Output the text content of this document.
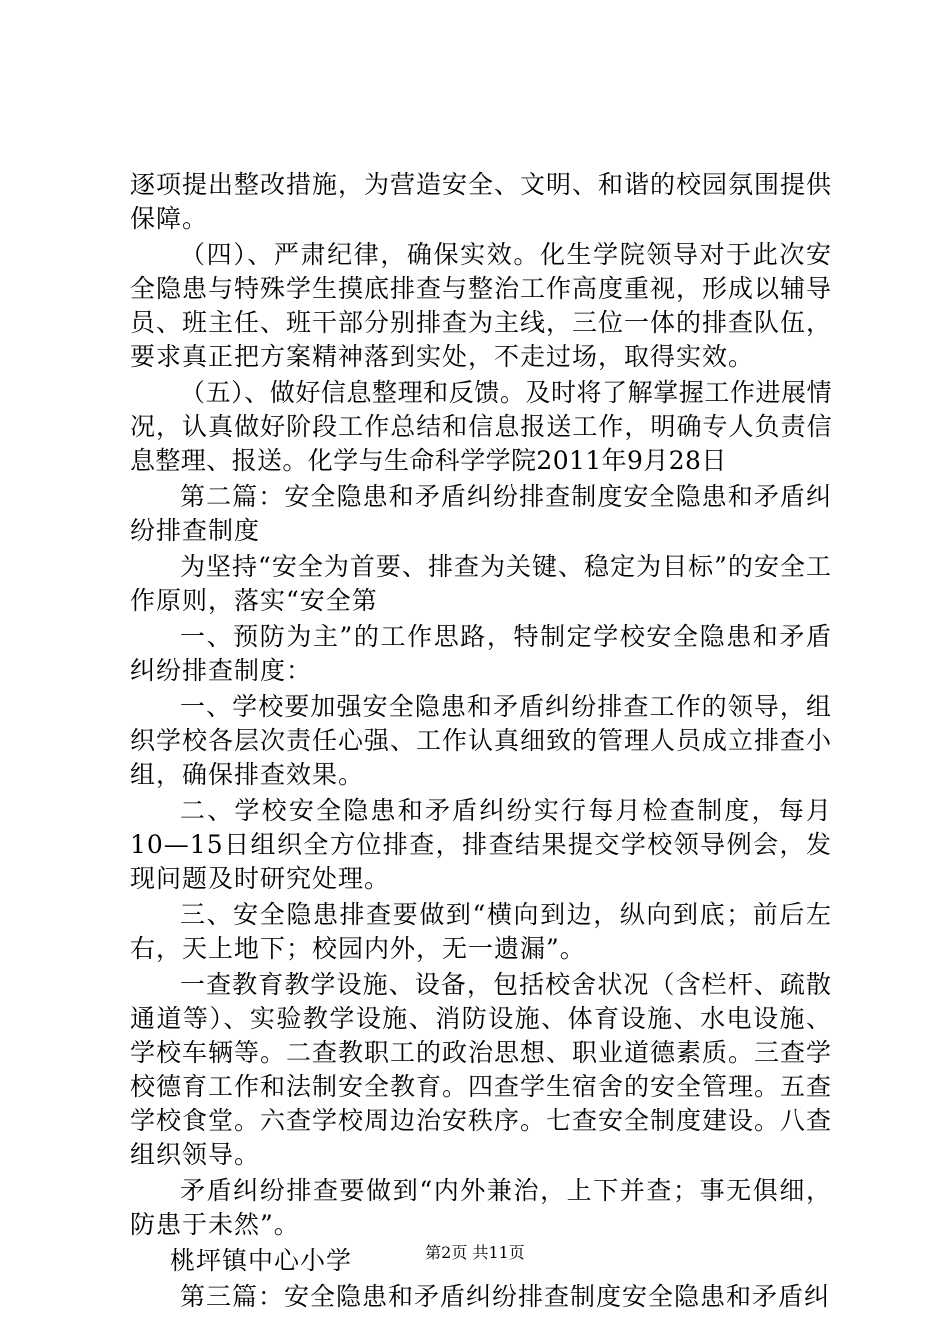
逐项提出整改措施，为营造安全、文明、和谐的校园氛围提供保障。

（四）、严肃纪律，确保实效。化生学院领导对于此次安全隐患与特殊学生摸底排查与整治工作高度重视，形成以辅导员、班主任、班干部分别排查为主线，三位一体的排查队伍，要求真正把方案精神落到实处，不走过场，取得实效。

（五）、做好信息整理和反馈。及时将了解掌握工作进展情况，认真做好阶段工作总结和信息报送工作，明确专人负责信息整理、报送。化学与生命科学学院2011年9月28日

第二篇：安全隐患和矛盾纠纷排查制度安全隐患和矛盾纠纷排查制度

为坚持“安全为首要、排查为关键、稳定为目标”的安全工作原则，落实“安全第

一、预防为主”的工作思路，特制定学校安全隐患和矛盾纠纷排查制度：

一、学校要加强安全隐患和矛盾纠纷排查工作的领导，组织学校各层次责任心强、工作认真细致的管理人员成立排查小组，确保排查效果。

二、学校安全隐患和矛盾纠纷实行每月检查制度，每月10—15日组织全方位排查，排查结果提交学校领导例会，发现问题及时研究处理。

三、安全隐患排查要做到“横向到边，纵向到底；前后左右，天上地下；校园内外，无一遗漏”。

一查教育教学设施、设备，包括校舍状况（含栏杆、疏散通道等）、实验教学设施、消防设施、体育设施、水电设施、学校车辆等。二查教职工的政治思想、职业道德素质。三查学校德育工作和法制安全教育。四查学生宿舍的安全管理。五查学校食堂。六查学校周边治安秩序。七查安全制度建设。八查组织领导。

矛盾纠纷排查要做到“内外兼治，上下并查；事无俱细，防患于未然”。

桃坪镇中心小学

第三篇：安全隐患和矛盾纠纷排查制度安全隐患和矛盾纠

第2页 共11页
